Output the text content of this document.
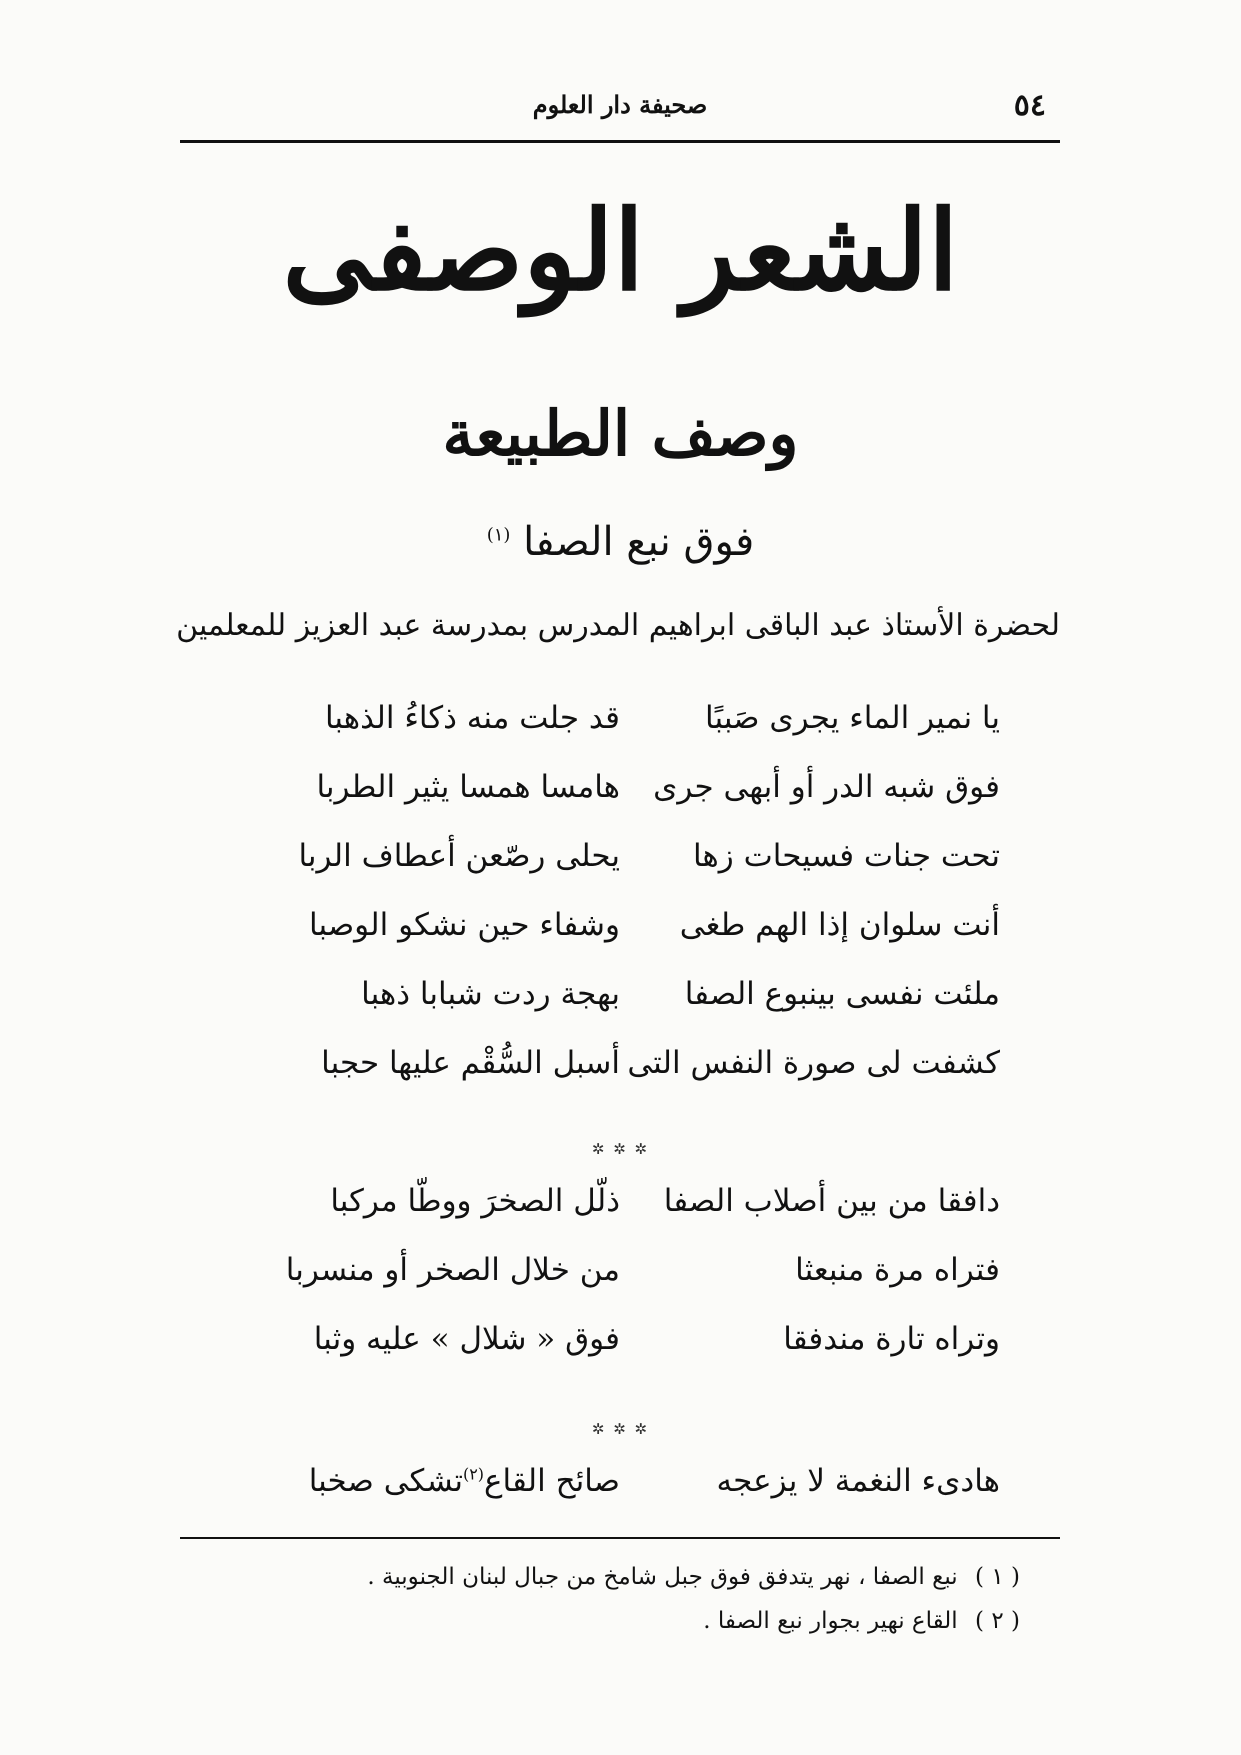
٥٤
صحيفة دار العلوم
الشعر الوصفى
وصف الطبيعة
فوق نبع الصفا $^{(١)}$
لحضرة الأستاذ عبد الباقى ابراهيم المدرس بمدرسة عبد العزيز للمعلمين
يا نمير الماء يجرى صَببًا
قد جلت منه ذكاءُ الذهبا
فوق شبه الدر أو أبهى جرى
هامسا همسا يثير الطربا
تحت جنات فسيحات زها
يحلى رصّعن أعطاف الربا
أنت سلوان إذا الهم طغى
وشفاء حين نشكو الوصبا
ملئت نفسى بينبوع الصفا
بهجة ردت شبابا ذهبا
كشفت لى صورة النفس التى
أسبل السُّقْم عليها حجبا
✲ ✲ ✲
دافقا من بين أصلاب الصفا
ذلّل الصخرَ ووطّا مركبا
فتراه مرة منبعثا
من خلال الصخر أو منسربا
وتراه تارة مندفقا
فوق « شلال » عليه وثبا
✲ ✲ ✲
هادىء النغمة لا يزعجه
صائح القاع$^{(٢)}$تشكى صخبا
( ١ ) نبع الصفا ، نهر يتدفق فوق جبل شامخ من جبال لبنان الجنوبية .
( ٢ ) القاع نهير بجوار نبع الصفا .
